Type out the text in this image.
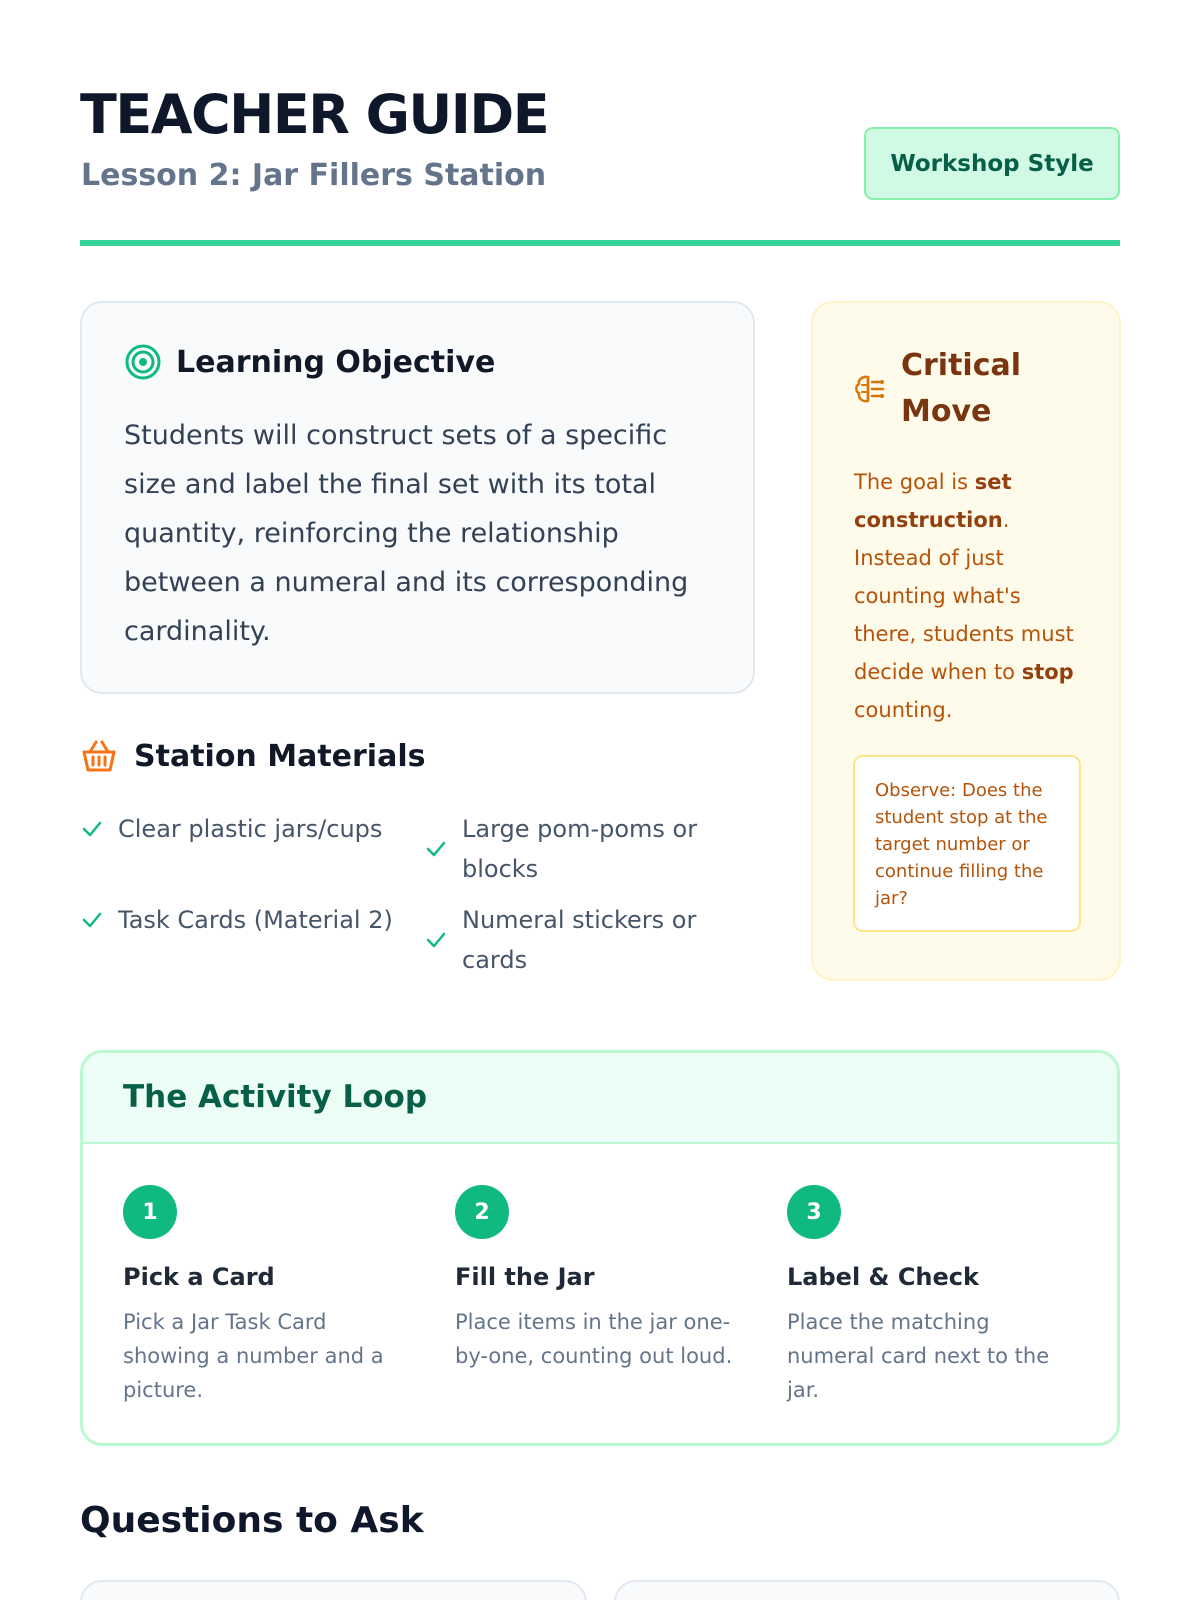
TEACHER GUIDE
Lesson 2: Jar Fillers Station	Workshop Style
Learning Objective

Students will construct sets of a specific size and label the final set with its total quantity, reinforcing the relationship between a numeral and its corresponding cardinality.

Station Materials
Clear plastic jars/cups	Large pom-poms or blocks
Task Cards (Material 2)	Numeral stickers or cards
Critical Move

The goal is set construction. Instead of just counting what's there, students must decide when to stop counting.

Observe: Does the student stop at the target number or continue filling the jar?
The Activity Loop
1
Pick a Card

Pick a Jar Task Card showing a number and a picture.

2
Fill the Jar

Place items in the jar one-by-one, counting out loud.

3
Label & Check

Place the matching numeral card next to the jar.

Questions to Ask
